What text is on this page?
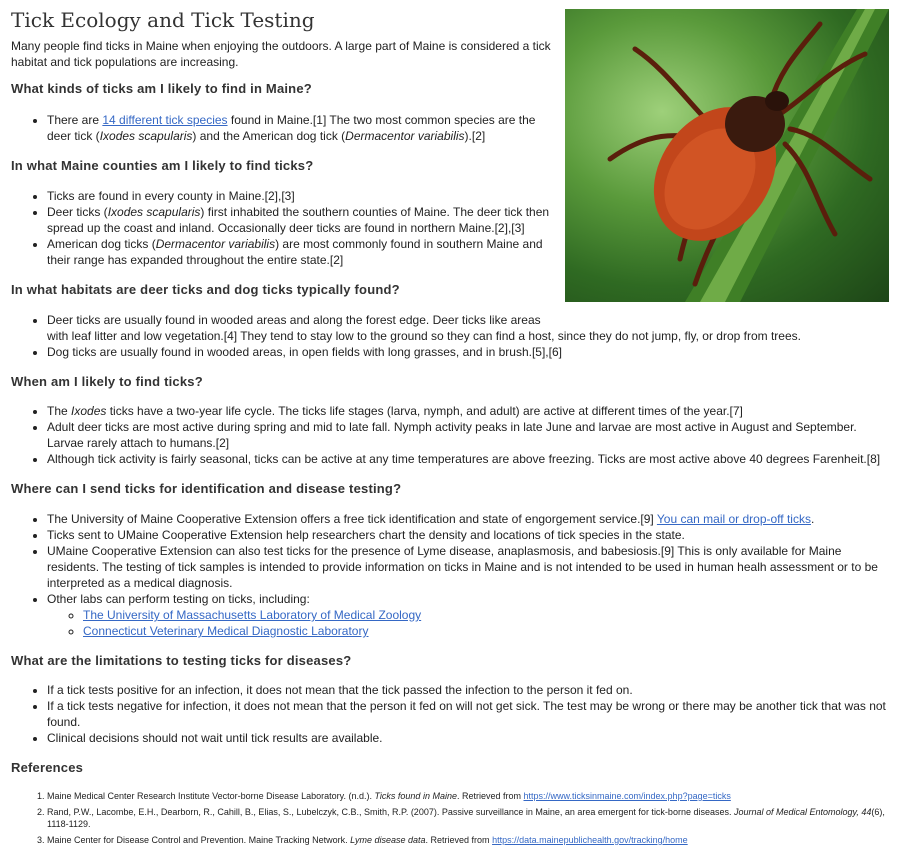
Tick Ecology and Tick Testing

Many people find ticks in Maine when enjoying the outdoors. A large part of Maine is considered a tick habitat and tick populations are increasing.

What kinds of ticks am I likely to find in Maine?
• There are 14 different tick species found in Maine.[1] The two most common species are the deer tick (Ixodes scapularis) and the American dog tick (Dermacentor variabilis).[2]
In what Maine counties am I likely to find ticks?
• Ticks are found in every county in Maine.[2],[3]
• Deer ticks (Ixodes scapularis) first inhabited the southern counties of Maine. The deer tick then spread up the coast and inland. Occasionally deer ticks are found in northern Maine.[2],[3]
• American dog ticks (Dermacentor variabilis) are most commonly found in southern Maine and their range has expanded throughout the entire state.[2]
In what habitats are deer ticks and dog ticks typically found?
• Deer ticks are usually found in wooded areas and along the forest edge. Deer ticks like areas
with leaf litter and low vegetation.[4] They tend to stay low to the ground so they can find a host, since they do not jump, fly, or drop from trees.
• Dog ticks are usually found in wooded areas, in open fields with long grasses, and in brush.[5],[6]
When am I likely to find ticks?
• The Ixodes ticks have a two-year life cycle. The ticks life stages (larva, nymph, and adult) are active at different times of the year.[7]
• Adult deer ticks are most active during spring and mid to late fall. Nymph activity peaks in late June and larvae are most active in August and September. Larvae rarely attach to humans.[2]
• Although tick activity is fairly seasonal, ticks can be active at any time temperatures are above freezing. Ticks are most active above 40 degrees Farenheit.[8]
Where can I send ticks for identification and disease testing?
• The University of Maine Cooperative Extension offers a free tick identification and state of engorgement service.[9] You can mail or drop-off ticks.
• Ticks sent to UMaine Cooperative Extension help researchers chart the density and locations of tick species in the state.
• UMaine Cooperative Extension can also test ticks for the presence of Lyme disease, anaplasmosis, and babesiosis.[9] This is only available for Maine residents. The testing of tick samples is intended to provide information on ticks in Maine and is not intended to be used in human healh assessment or to be interpreted as a medical diagnosis.
• Other labs can perform testing on ticks, including:
◦ The University of Massachusetts Laboratory of Medical Zoology
◦ Connecticut Veterinary Medical Diagnostic Laboratory
What are the limitations to testing ticks for diseases?
• If a tick tests positive for an infection, it does not mean that the tick passed the infection to the person it fed on.
• If a tick tests negative for infection, it does not mean that the person it fed on will not get sick. The test may be wrong or there may be another tick that was not found.
• Clinical decisions should not wait until tick results are available.
References
1. Maine Medical Center Research Institute Vector-borne Disease Laboratory. (n.d.). Ticks found in Maine. Retrieved from https://www.ticksinmaine.com/index.php?page=ticks
2. Rand, P.W., Lacombe, E.H., Dearborn, R., Cahill, B., Elias, S., Lubelczyk, C.B., Smith, R.P. (2007). Passive surveillance in Maine, an area emergent for tick-borne diseases. Journal of Medical Entomology, 44(6), 1118-1129.
3. Maine Center for Disease Control and Prevention. Maine Tracking Network. Lyme disease data. Retrieved from https://data.mainepublichealth.gov/tracking/home
